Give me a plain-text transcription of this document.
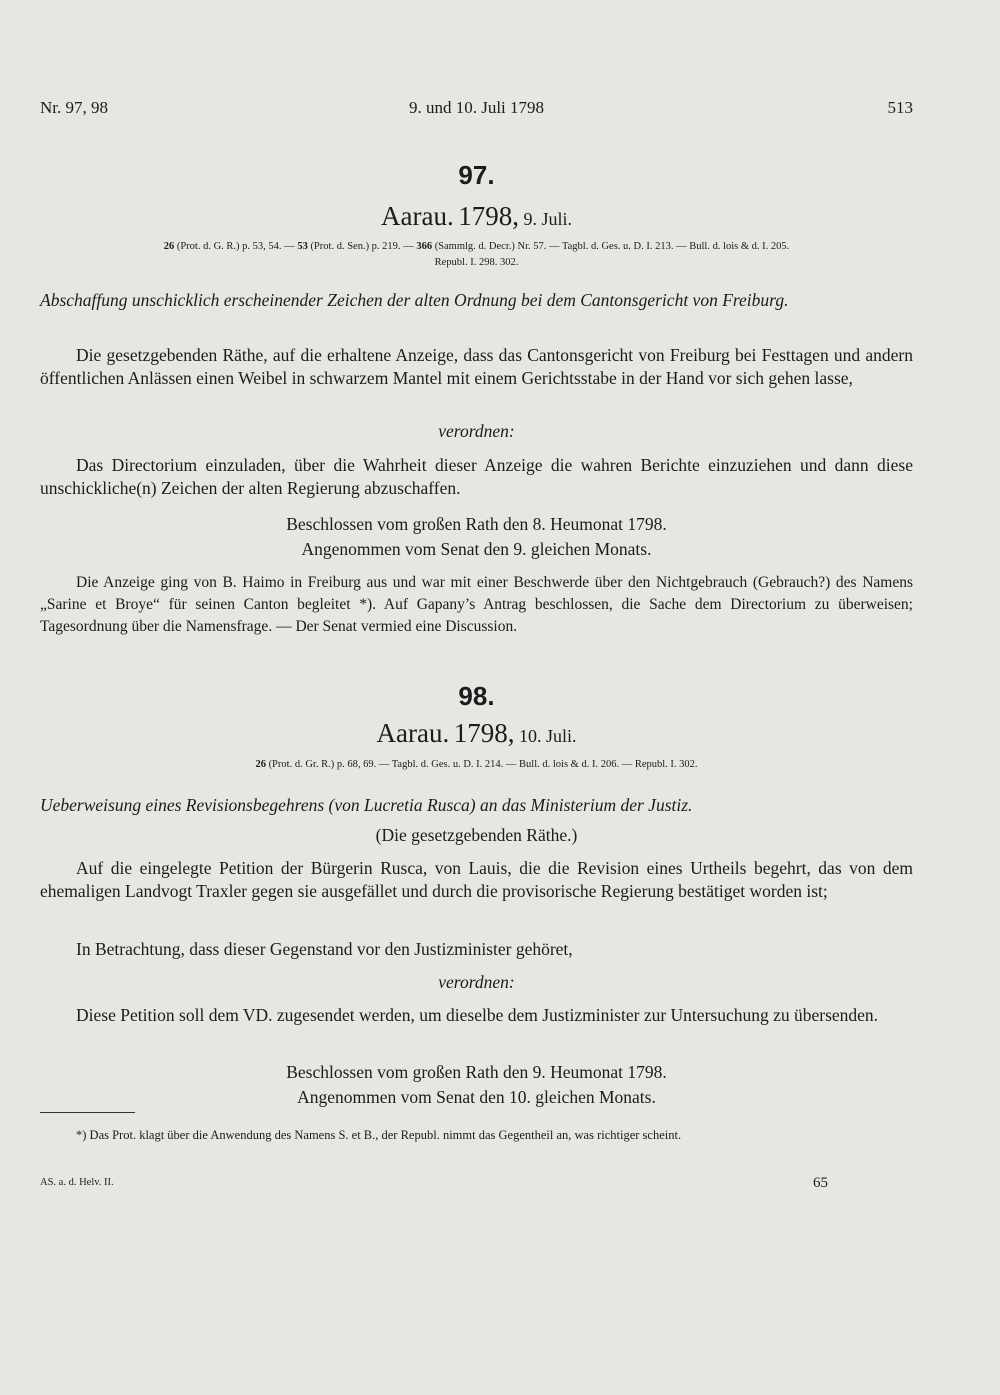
Nr. 97, 98	9. und 10. Juli 1798	513
97.
Aarau. 1798, 9. Juli.
26 (Prot. d. G. R.) p. 53, 54. — 53 (Prot. d. Sen.) p. 219. — 366 (Sammlg. d. Decr.) Nr. 57. — Tagbl. d. Ges. u. D. I. 213. — Bull. d. lois & d. I. 205.
Republ. I. 298. 302.
Abschaffung unschicklich erscheinender Zeichen der alten Ordnung bei dem Cantonsgericht von Freiburg.

Die gesetzgebenden Räthe, auf die erhaltene Anzeige, dass das Cantonsgericht von Freiburg bei Festtagen und andern öffentlichen Anlässen einen Weibel in schwarzem Mantel mit einem Gerichtsstabe in der Hand vor sich gehen lasse,

verordnen:

Das Directorium einzuladen, über die Wahrheit dieser Anzeige die wahren Berichte einzuziehen und dann diese unschickliche(n) Zeichen der alten Regierung abzuschaffen.

Beschlossen vom großen Rath den 8. Heumonat 1798.
Angenommen vom Senat den 9. gleichen Monats.

Die Anzeige ging von B. Haimo in Freiburg aus und war mit einer Beschwerde über den Nichtgebrauch (Gebrauch?) des Namens „Sarine et Broye“ für seinen Canton begleitet *). Auf Gapany’s Antrag beschlossen, die Sache dem Directorium zu überweisen; Tagesordnung über die Namensfrage. — Der Senat vermied eine Discussion.

98.
Aarau. 1798, 10. Juli.
26 (Prot. d. Gr. R.) p. 68, 69. — Tagbl. d. Ges. u. D. I. 214. — Bull. d. lois & d. I. 206. — Republ. I. 302.
Ueberweisung eines Revisionsbegehrens (von Lucretia Rusca) an das Ministerium der Justiz.
(Die gesetzgebenden Räthe.)

Auf die eingelegte Petition der Bürgerin Rusca, von Lauis, die die Revision eines Urtheils begehrt, das von dem ehemaligen Landvogt Traxler gegen sie ausgefället und durch die provisorische Regierung bestätiget worden ist;

In Betrachtung, dass dieser Gegenstand vor den Justizminister gehöret,

verordnen:

Diese Petition soll dem VD. zugesendet werden, um dieselbe dem Justizminister zur Untersuchung zu übersenden.

Beschlossen vom großen Rath den 9. Heumonat 1798.
Angenommen vom Senat den 10. gleichen Monats.

*) Das Prot. klagt über die Anwendung des Namens S. et B., der Republ. nimmt das Gegentheil an, was richtiger scheint.

AS. a. d. Helv. II.	65
